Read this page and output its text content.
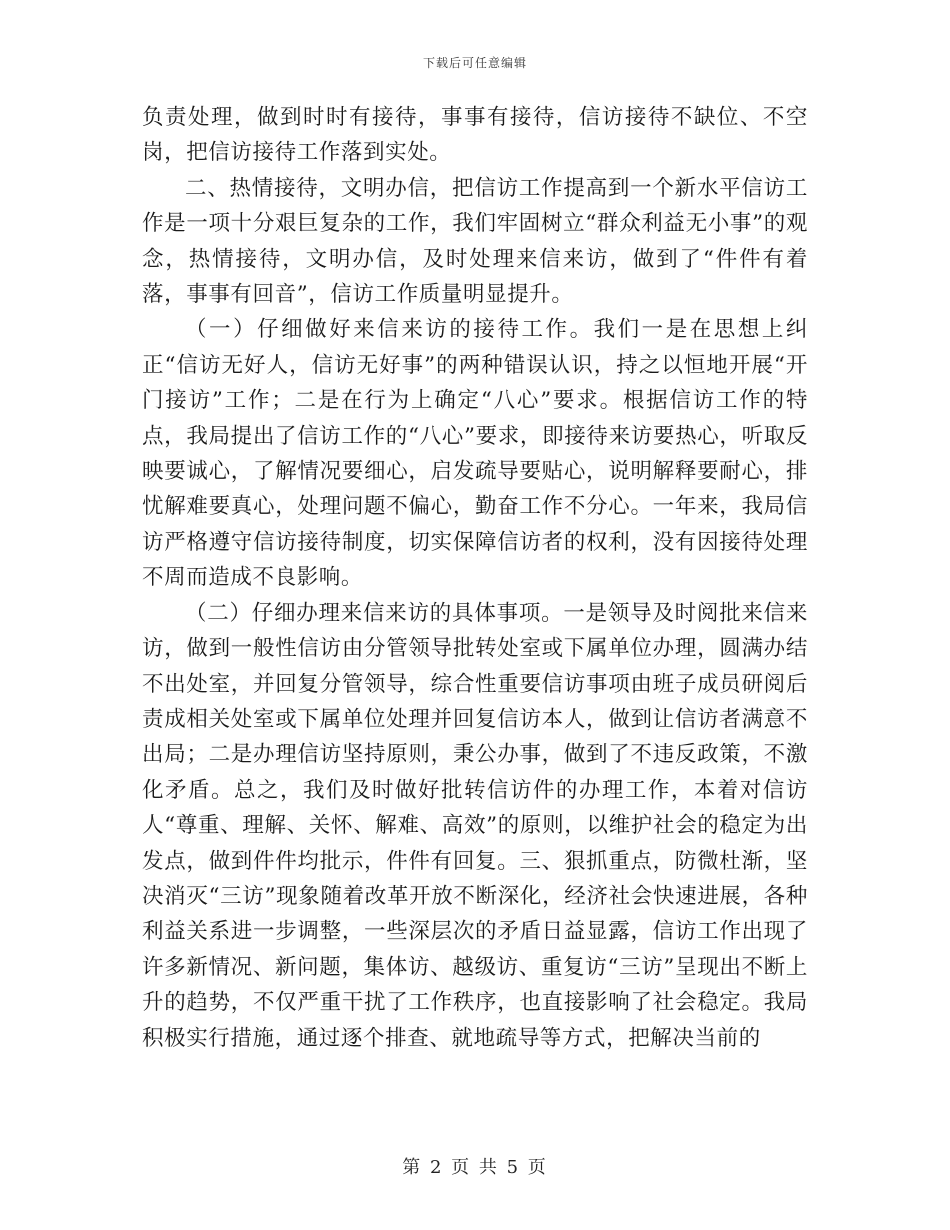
下载后可任意编辑

负责处理，做到时时有接待，事事有接待，信访接待不缺位、不空岗，把信访接待工作落到实处。

二、热情接待，文明办信，把信访工作提高到一个新水平信访工作是一项十分艰巨复杂的工作，我们牢固树立“群众利益无小事”的观念，热情接待，文明办信，及时处理来信来访，做到了“件件有着落，事事有回音”，信访工作质量明显提升。

（一）仔细做好来信来访的接待工作。我们一是在思想上纠正“信访无好人，信访无好事”的两种错误认识，持之以恒地开展“开门接访”工作；二是在行为上确定“八心”要求。根据信访工作的特点，我局提出了信访工作的“八心”要求，即接待来访要热心，听取反映要诚心，了解情况要细心，启发疏导要贴心，说明解释要耐心，排忧解难要真心，处理问题不偏心，勤奋工作不分心。一年来，我局信访严格遵守信访接待制度，切实保障信访者的权利，没有因接待处理不周而造成不良影响。

（二）仔细办理来信来访的具体事项。一是领导及时阅批来信来访，做到一般性信访由分管领导批转处室或下属单位办理，圆满办结不出处室，并回复分管领导，综合性重要信访事项由班子成员研阅后责成相关处室或下属单位处理并回复信访本人，做到让信访者满意不出局；二是办理信访坚持原则，秉公办事，做到了不违反政策，不激化矛盾。总之，我们及时做好批转信访件的办理工作，本着对信访人“尊重、理解、关怀、解难、高效”的原则，以维护社会的稳定为出发点，做到件件均批示，件件有回复。三、狠抓重点，防微杜渐，坚决消灭“三访”现象随着改革开放不断深化，经济社会快速进展，各种利益关系进一步调整，一些深层次的矛盾日益显露，信访工作出现了许多新情况、新问题，集体访、越级访、重复访“三访”呈现出不断上升的趋势，不仅严重干扰了工作秩序，也直接影响了社会稳定。我局积极实行措施，通过逐个排查、就地疏导等方式，把解决当前的

第 2 页 共 5 页
